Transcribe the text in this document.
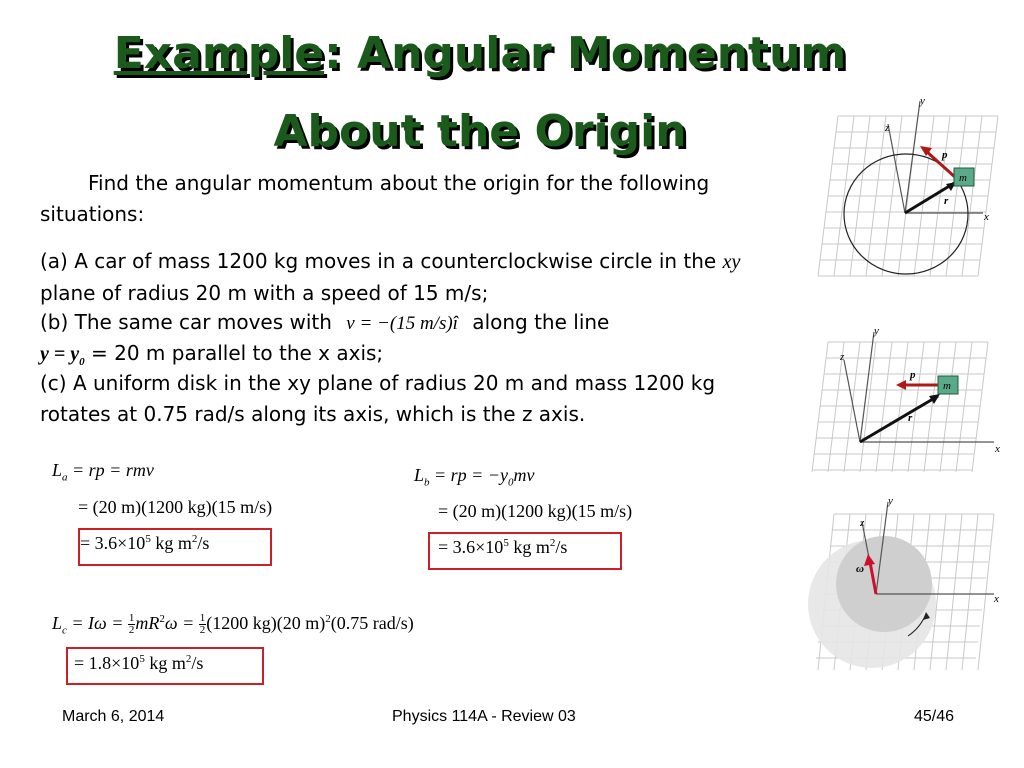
Example: Angular Momentum
About the Origin
Find the angular momentum about the origin for the following situations:
(a) A car of mass 1200 kg moves in a counterclockwise circle in the xy plane of radius 20 m with a speed of 15 m/s;
(b) The same car moves with v = −(15 m/s)î along the line
$y = y_0 = 20$ m parallel to the x axis;
(c) A uniform disk in the xy plane of radius 20 m and mass 1200 kg rotates at 0.75 rad/s along its axis, which is the z axis.
$L_a$ = rp = rmv
= (20 m)(1200 kg)(15 m/s)
= $3.6\times 10^5$ kg $m^2/s$
$L_b$ = rp = $-y_0mv$
= (20 m)(1200 kg)(15 m/s)
= $3.6\times 10^5$ kg $m^2/s$
$L_c = I\omega = \frac{1}{2} mR^2\omega = \frac{1}{2} (1200$ kg)(20 m)$^2$(0.75 rad/s)
= $1.8\times 10^5$ kg $m^2/s$
m
y
z
x
p
r
m
y
z
x
p
r
y
z
x
ω
March 6, 2014	Physics 114A - Review 03	45/46
